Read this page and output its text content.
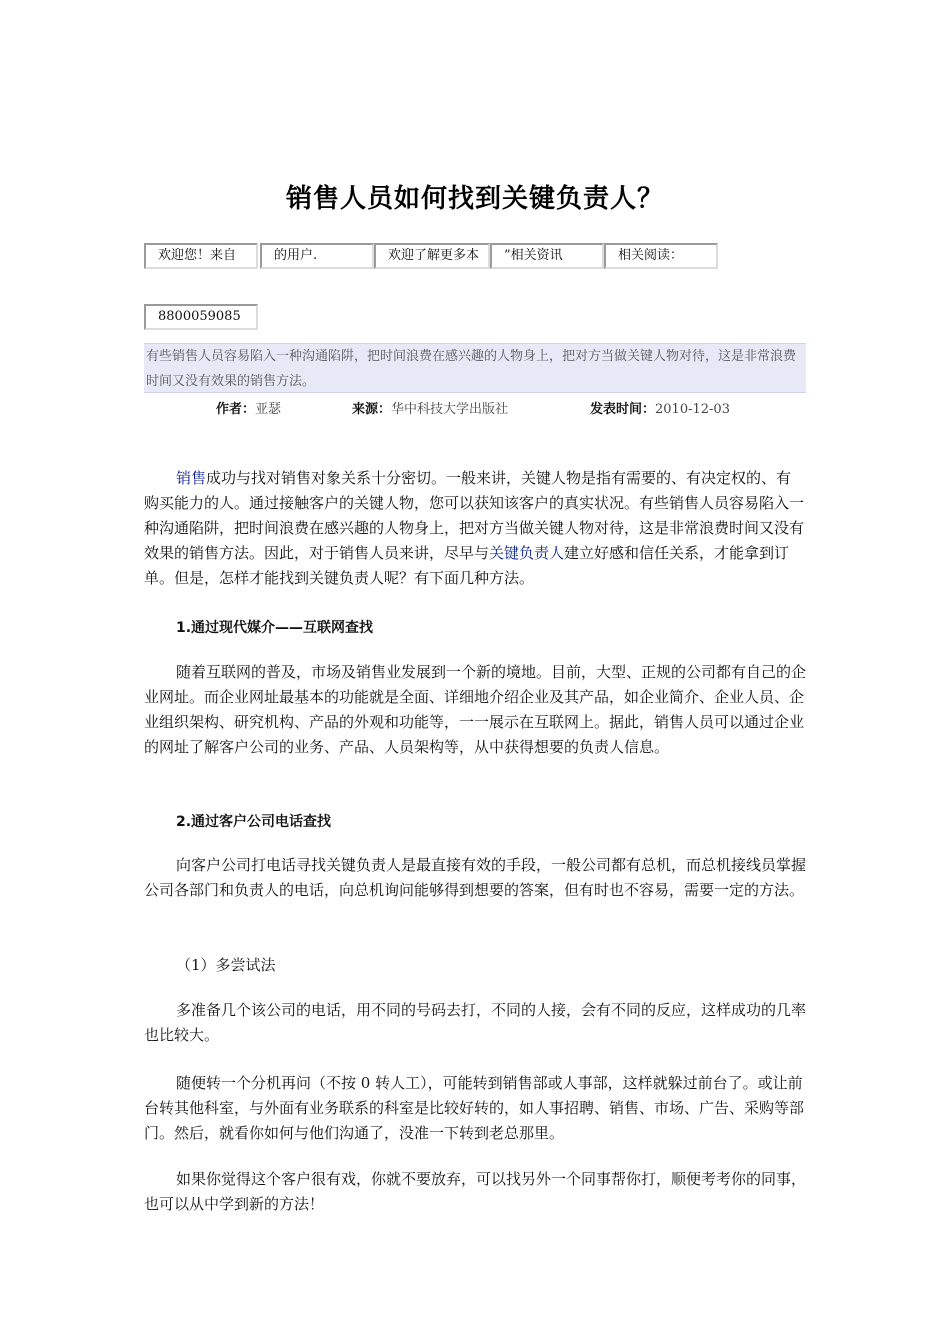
销售人员如何找到关键负责人？
欢迎您！来自	的用户.	欢迎了解更多本	”相关资讯	相关阅读：
8800059085
有些销售人员容易陷入一种沟通陷阱，把时间浪费在感兴趣的人物身上，把对方当做关键人物对待，这是非常浪费时间又没有效果的销售方法。
作者：亚瑟	来源：华中科技大学出版社	发表时间：2010-12-03
销售成功与找对销售对象关系十分密切。一般来讲，关键人物是指有需要的、有决定权的、有购买能力的人。通过接触客户的关键人物，您可以获知该客户的真实状况。有些销售人员容易陷入一种沟通陷阱，把时间浪费在感兴趣的人物身上，把对方当做关键人物对待，这是非常浪费时间又没有效果的销售方法。因此，对于销售人员来讲，尽早与关键负责人建立好感和信任关系，才能拿到订单。但是，怎样才能找到关键负责人呢？有下面几种方法。
1.通过现代媒介——互联网查找
随着互联网的普及，市场及销售业发展到一个新的境地。目前，大型、正规的公司都有自己的企业网址。而企业网址最基本的功能就是全面、详细地介绍企业及其产品，如企业简介、企业人员、企业组织架构、研究机构、产品的外观和功能等，一一展示在互联网上。据此，销售人员可以通过企业的网址了解客户公司的业务、产品、人员架构等，从中获得想要的负责人信息。
2.通过客户公司电话查找
向客户公司打电话寻找关键负责人是最直接有效的手段，一般公司都有总机，而总机接线员掌握公司各部门和负责人的电话，向总机询问能够得到想要的答案，但有时也不容易，需要一定的方法。
（1）多尝试法
多准备几个该公司的电话，用不同的号码去打，不同的人接，会有不同的反应，这样成功的几率也比较大。
随便转一个分机再问（不按 0 转人工），可能转到销售部或人事部，这样就躲过前台了。或让前台转其他科室，与外面有业务联系的科室是比较好转的，如人事招聘、销售、市场、广告、采购等部门。然后，就看你如何与他们沟通了，没准一下转到老总那里。
如果你觉得这个客户很有戏，你就不要放弃，可以找另外一个同事帮你打，顺便考考你的同事，也可以从中学到新的方法！
